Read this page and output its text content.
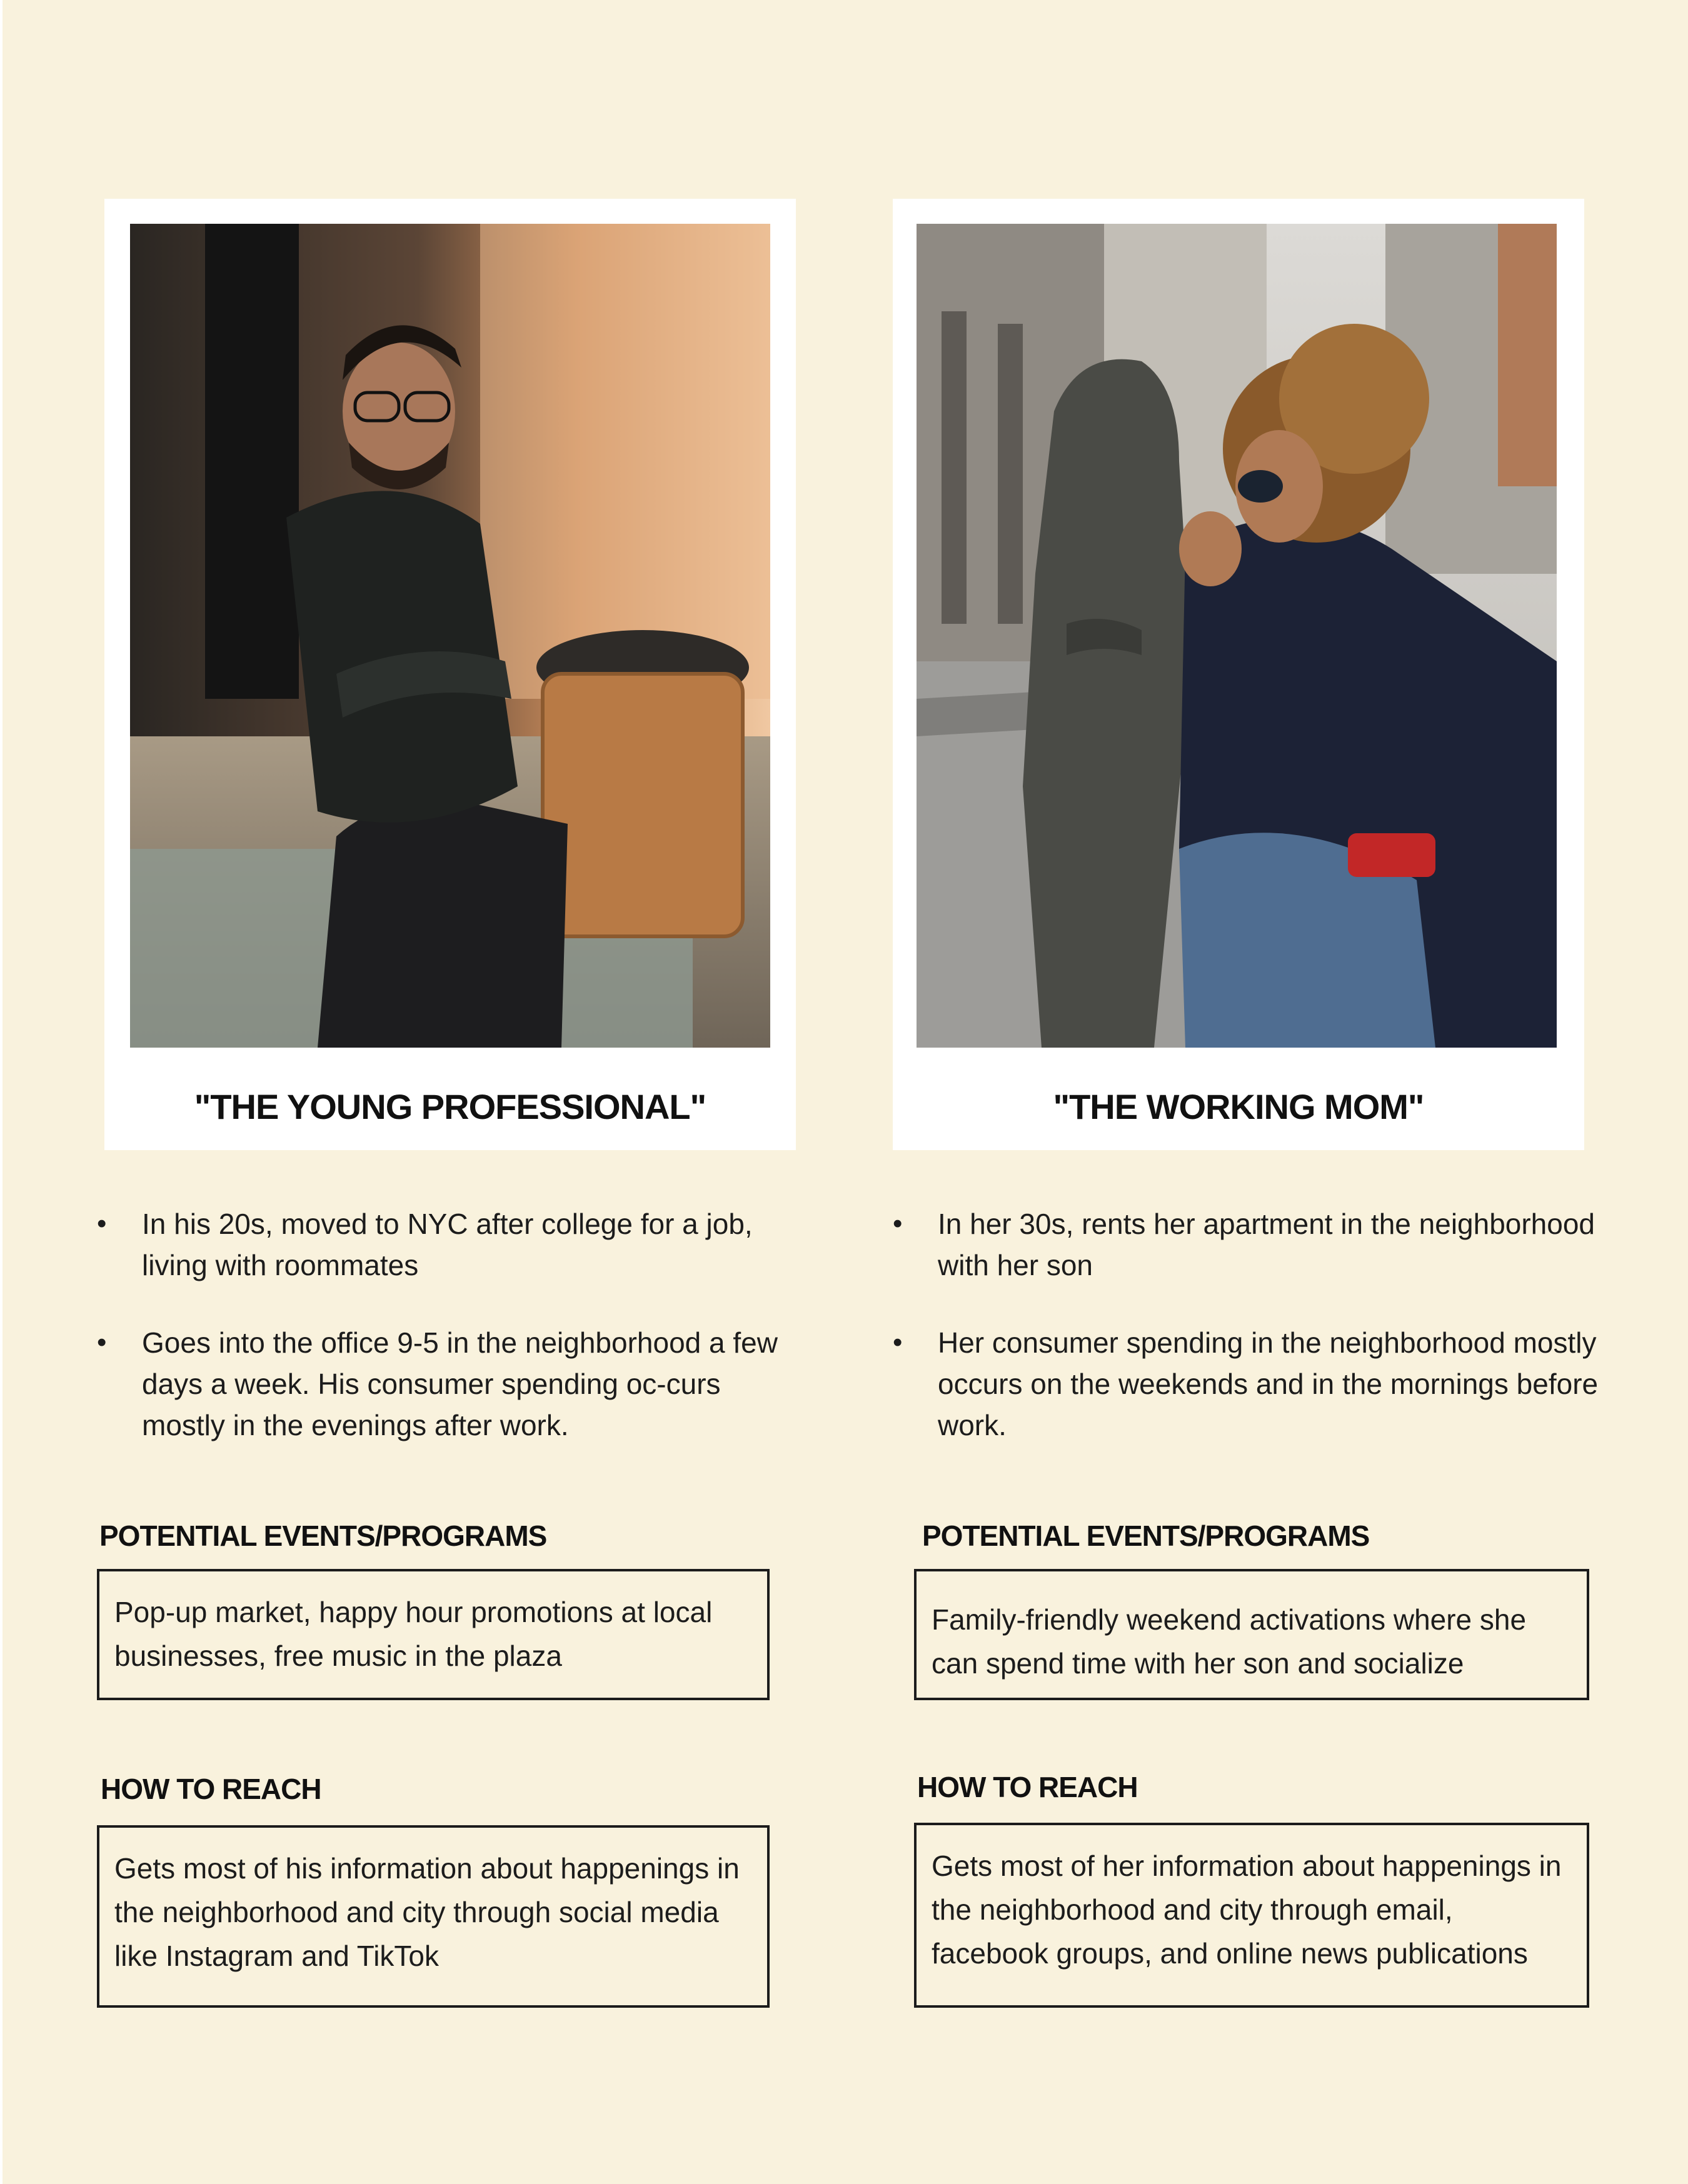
"THE YOUNG PROFESSIONAL"	"THE WORKING MOM"
• In his 20s, moved to NYC after college for a job, living with roommates
• Goes into the office 9-5 in the neighborhood a few days a week. His consumer spending oc-curs mostly in the evenings after work.
• In her 30s, rents her apartment in the neighborhood with her son
• Her consumer spending in the neighborhood mostly occurs on the weekends and in the mornings before work.
POTENTIAL EVENTS/PROGRAMS
Pop-up market, happy hour promotions at local businesses, free music in the plaza
POTENTIAL EVENTS/PROGRAMS
Family-friendly weekend activations where she can spend time with her son and socialize
HOW TO REACH
Gets most of his information about happenings in the neighborhood and city through social media like Instagram and TikTok
HOW TO REACH
Gets most of her information about happenings in the neighborhood and city through email, facebook groups, and online news publications
